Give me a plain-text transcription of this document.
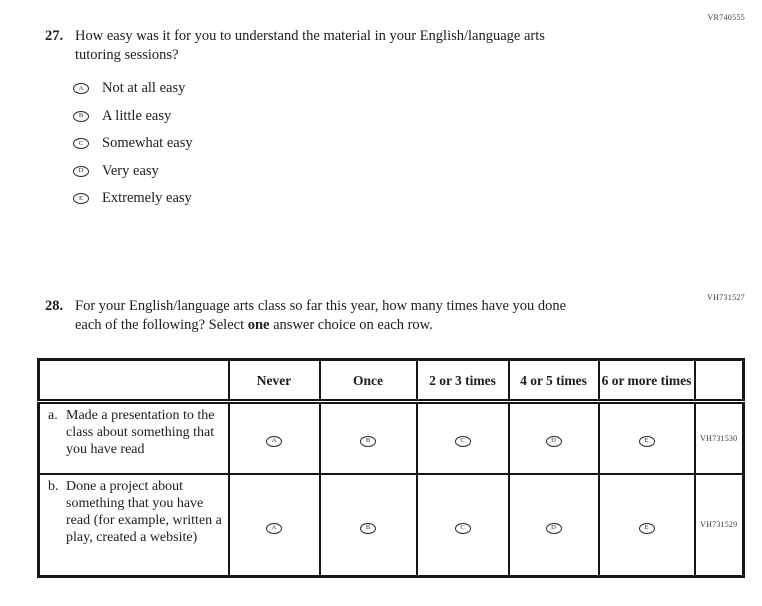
VR740555
27. How easy was it for you to understand the material in your English/language arts
tutoring sessions?
A	Not at all easy
B	A little easy
C	Somewhat easy
D	Very easy
E	Extremely easy
VH731527
28. For your English/language arts class so far this year, how many times have you done
each of the following? Select one answer choice on each row.
	Never	Once	2 or 3 times	4 or 5 times	6 or more times	

a. Made a presentation to the class about something that you have read	A	B	C	D	E	VH731530

b. Done a project about something that you have read (for example, written a play, created a website)	A	B	C	D	E	VH731529
